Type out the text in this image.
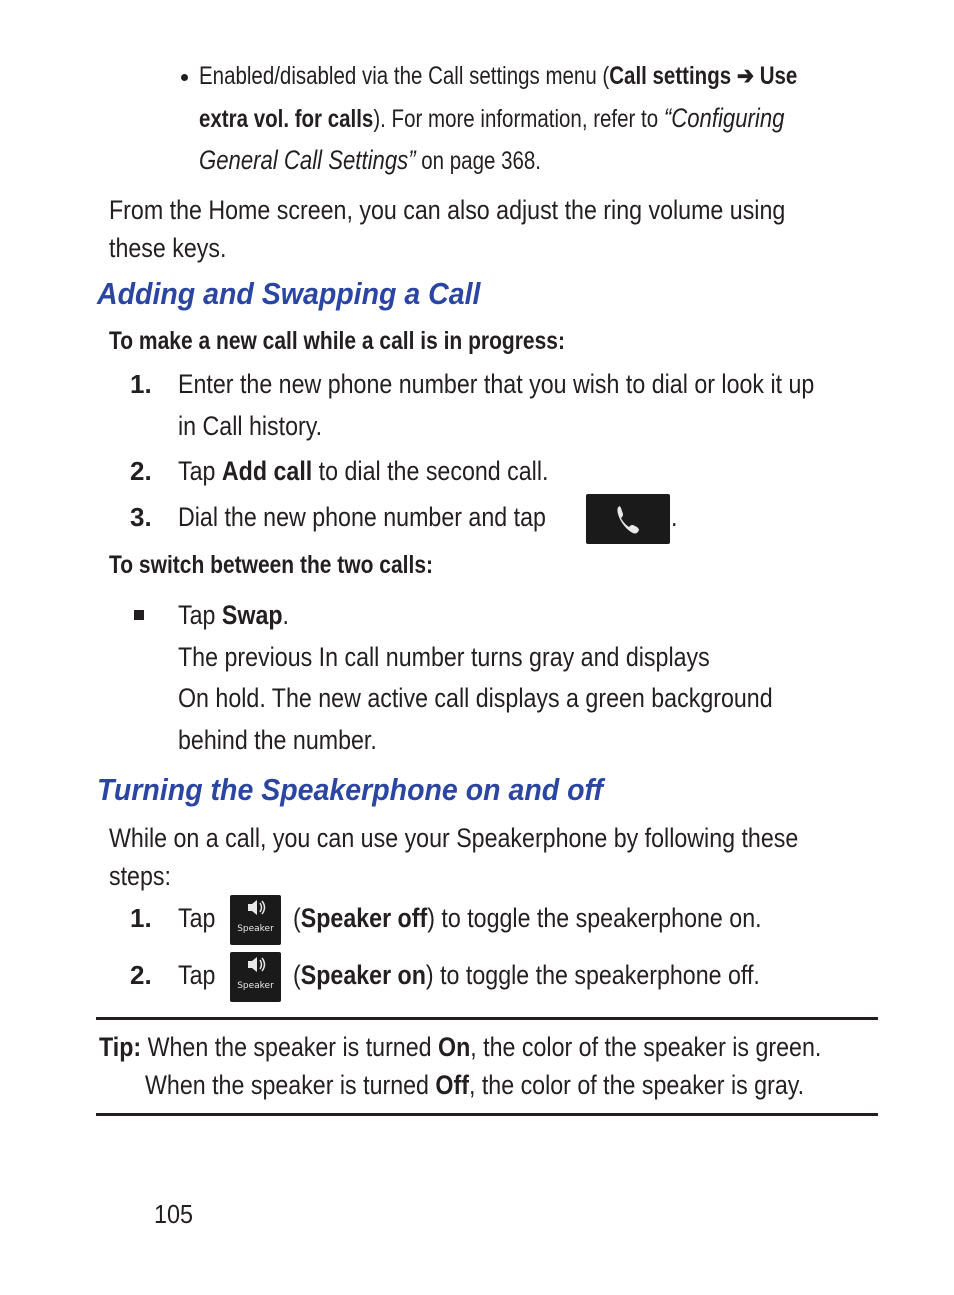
Enabled/disabled via the Call settings menu (Call settings ➔ Use
extra vol. for calls). For more information, refer to “Configuring
General Call Settings” on page 368.
From the Home screen, you can also adjust the ring volume using
these keys.
Adding and Swapping a Call
To make a new call while a call is in progress:
1. Enter the new phone number that you wish to dial or look it up
in Call history.
2. Tap Add call to dial the second call.
3. Dial the new phone number and tap	.
To switch between the two calls:
Tap Swap.
The previous In call number turns gray and displays
On hold. The new active call displays a green background
behind the number.
Turning the Speakerphone on and off
While on a call, you can use your Speakerphone by following these
steps:
1. Tap	Speaker (Speaker off) to toggle the speakerphone on.
2. Tap	Speaker (Speaker on) to toggle the speakerphone off.
Tip: When the speaker is turned On, the color of the speaker is green.
When the speaker is turned Off, the color of the speaker is gray.
105
